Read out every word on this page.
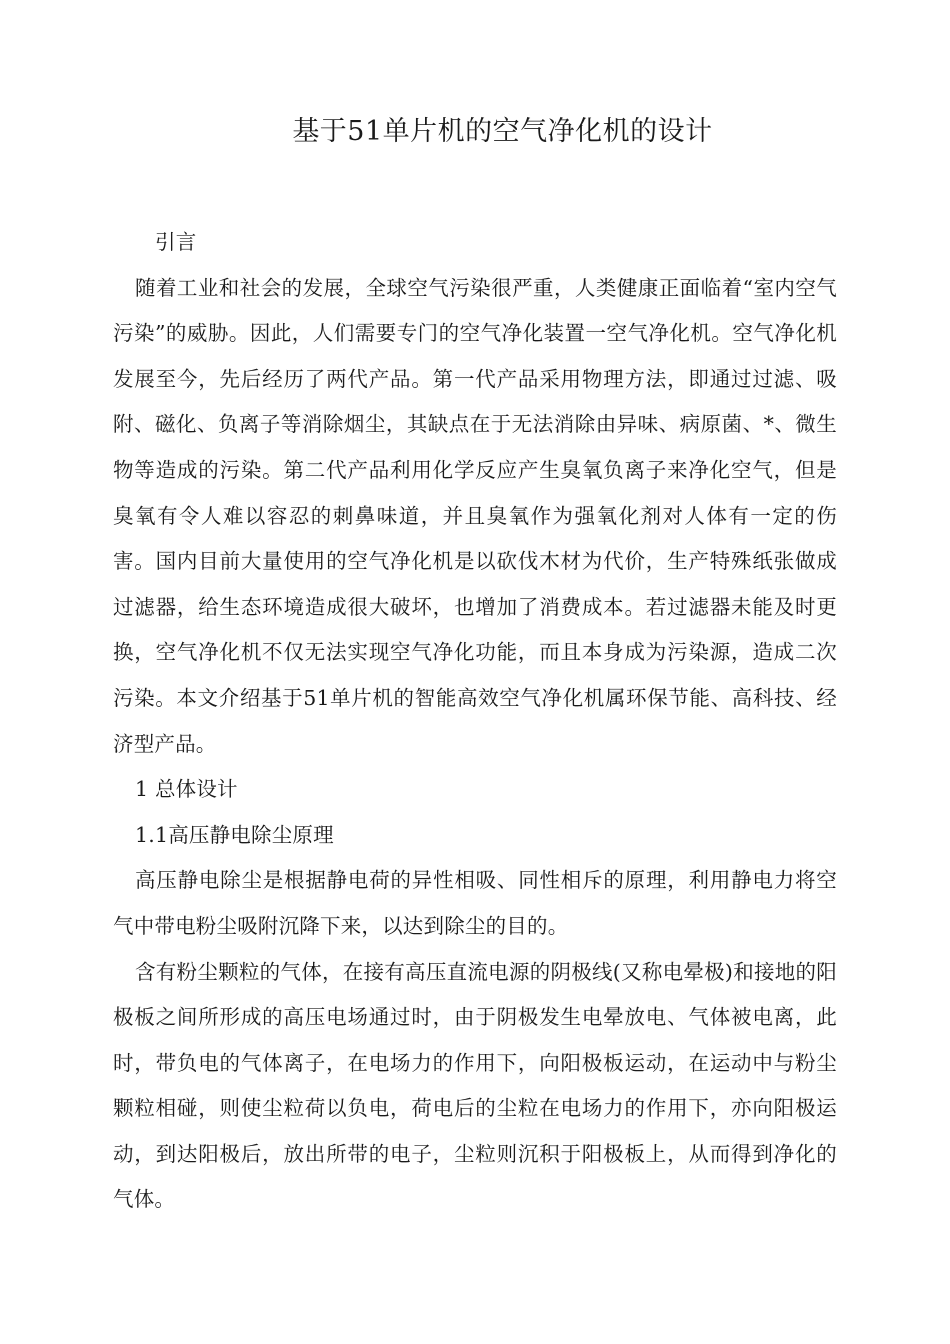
基于51单片机的空气净化机的设计

引言

随着工业和社会的发展，全球空气污染很严重，人类健康正面临着“室内空气污染”的威胁。因此，人们需要专门的空气净化装置一空气净化机。空气净化机发展至今，先后经历了两代产品。第一代产品采用物理方法，即通过过滤、吸附、磁化、负离子等消除烟尘，其缺点在于无法消除由异味、病原菌、*、微生物等造成的污染。第二代产品利用化学反应产生臭氧负离子来净化空气，但是臭氧有令人难以容忍的刺鼻味道，并且臭氧作为强氧化剂对人体有一定的伤害。国内目前大量使用的空气净化机是以砍伐木材为代价，生产特殊纸张做成过滤器，给生态环境造成很大破坏，也增加了消费成本。若过滤器未能及时更换，空气净化机不仅无法实现空气净化功能，而且本身成为污染源，造成二次污染。本文介绍基于51单片机的智能高效空气净化机属环保节能、高科技、经济型产品。

1 总体设计

1.1高压静电除尘原理

高压静电除尘是根据静电荷的异性相吸、同性相斥的原理，利用静电力将空气中带电粉尘吸附沉降下来，以达到除尘的目的。

含有粉尘颗粒的气体，在接有高压直流电源的阴极线(又称电晕极)和接地的阳极板之间所形成的高压电场通过时，由于阴极发生电晕放电、气体被电离，此时，带负电的气体离子，在电场力的作用下，向阳极板运动，在运动中与粉尘颗粒相碰，则使尘粒荷以负电，荷电后的尘粒在电场力的作用下，亦向阳极运动，到达阳极后，放出所带的电子，尘粒则沉积于阳极板上，从而得到净化的气体。
